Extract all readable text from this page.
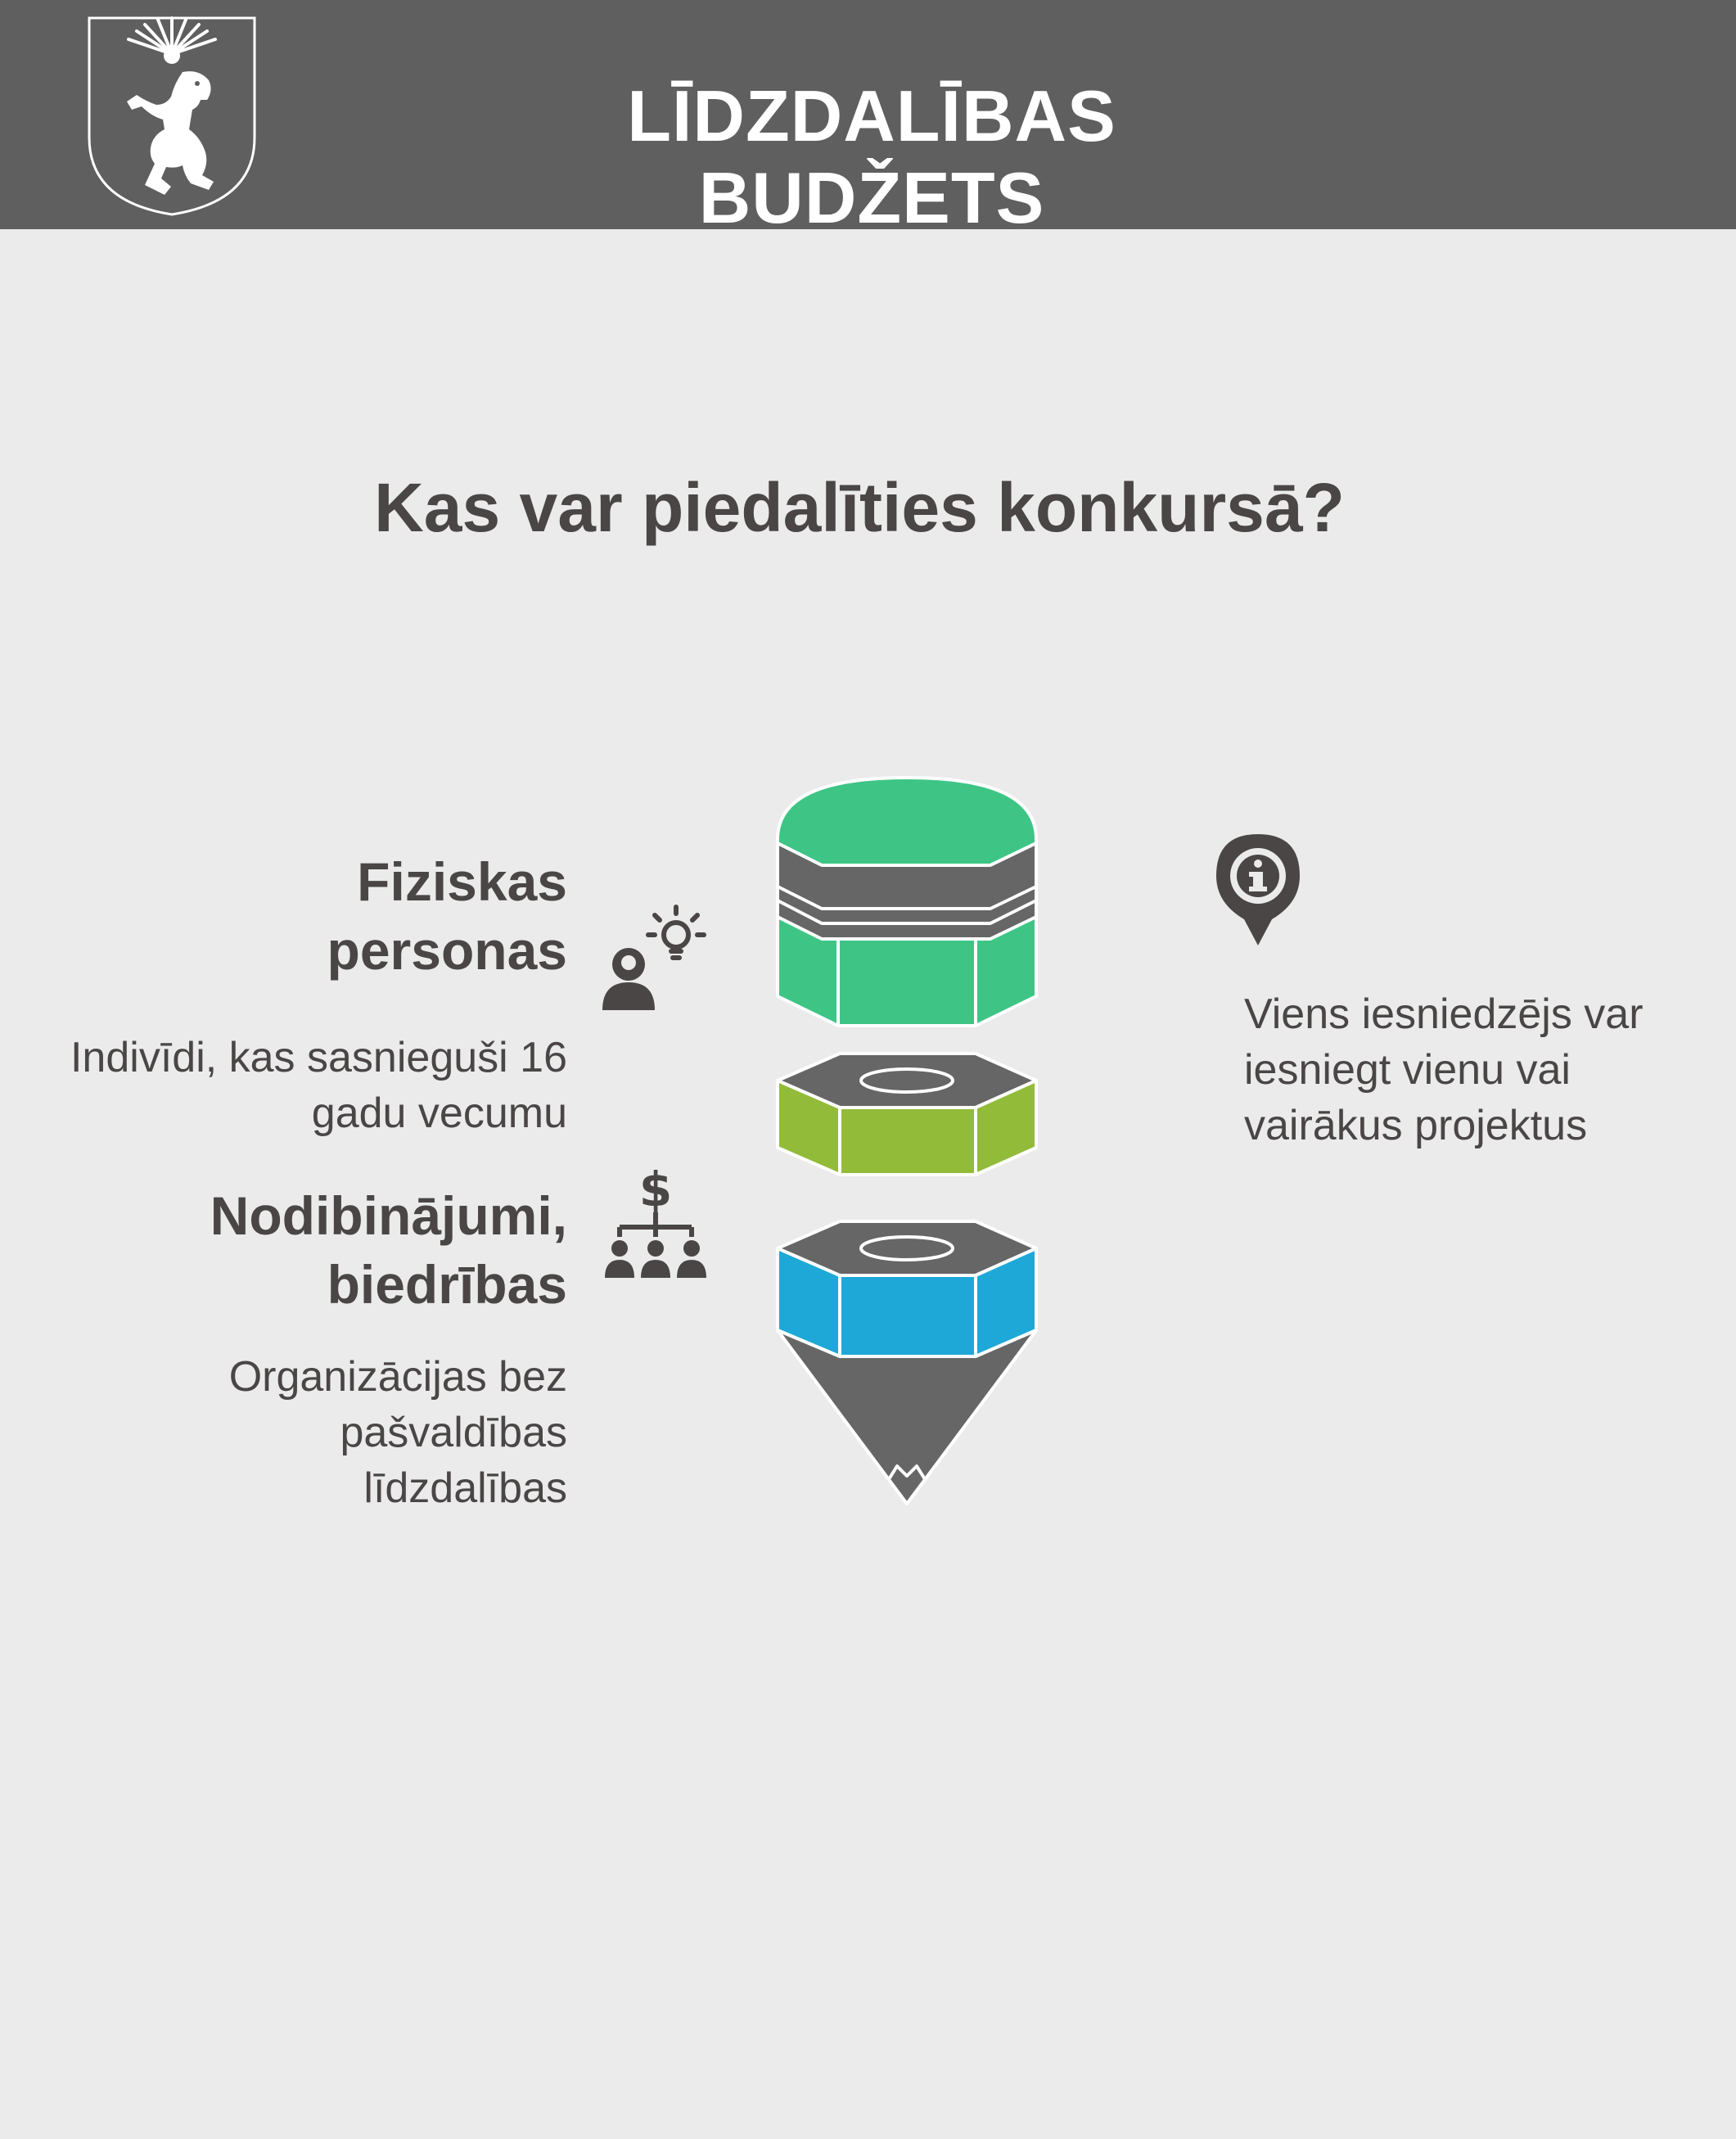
LĪDZDALĪBAS BUDŽETS
Kas var piedalīties konkursā?
Fiziskas
personas
Indivīdi, kas sasnieguši 16
gadu vecumu
Nodibinājumi,
biedrības
Organizācijas bez
pašvaldības
līdzdalības
$
Viens iesniedzējs var
iesniegt vienu vai
vairākus projektus
